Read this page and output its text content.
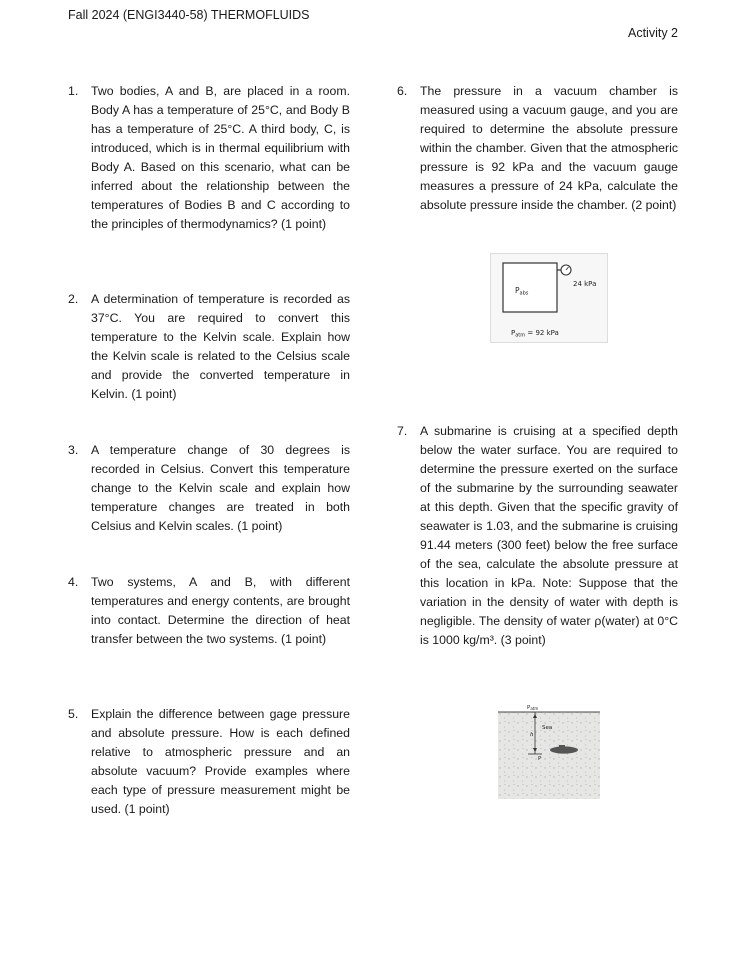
Fall 2024 (ENGI3440-58) THERMOFLUIDS
Activity 2
1. Two bodies, A and B, are placed in a room. Body A has a temperature of 25°C, and Body B has a temperature of 25°C. A third body, C, is introduced, which is in thermal equilibrium with Body A. Based on this scenario, what can be inferred about the relationship between the temperatures of Bodies B and C according to the principles of thermodynamics? (1 point)
2. A determination of temperature is recorded as 37°C. You are required to convert this temperature to the Kelvin scale. Explain how the Kelvin scale is related to the Celsius scale and provide the converted temperature in Kelvin. (1 point)
3. A temperature change of 30 degrees is recorded in Celsius. Convert this temperature change to the Kelvin scale and explain how temperature changes are treated in both Celsius and Kelvin scales. (1 point)
4. Two systems, A and B, with different temperatures and energy contents, are brought into contact. Determine the direction of heat transfer between the two systems. (1 point)
5. Explain the difference between gage pressure and absolute pressure. How is each defined relative to atmospheric pressure and an absolute vacuum? Provide examples where each type of pressure measurement might be used. (1 point)
6. The pressure in a vacuum chamber is measured using a vacuum gauge, and you are required to determine the absolute pressure within the chamber. Given that the atmospheric pressure is 92 kPa and the vacuum gauge measures a pressure of 24 kPa, calculate the absolute pressure inside the chamber. (2 point)
$P_{abs}$
24 kPa
$P_{atm} = 92$ kPa
7. A submarine is cruising at a specified depth below the water surface. You are required to determine the pressure exerted on the surface of the submarine by the surrounding seawater at this depth. Given that the specific gravity of seawater is 1.03, and the submarine is cruising 91.44 meters (300 feet) below the free surface of the sea, calculate the absolute pressure at this location in kPa. Note: Suppose that the variation in the density of water with depth is negligible. The density of water ρ(water) at 0°C is 1000 kg/m³. (3 point)
Patm
h
Sea
P
